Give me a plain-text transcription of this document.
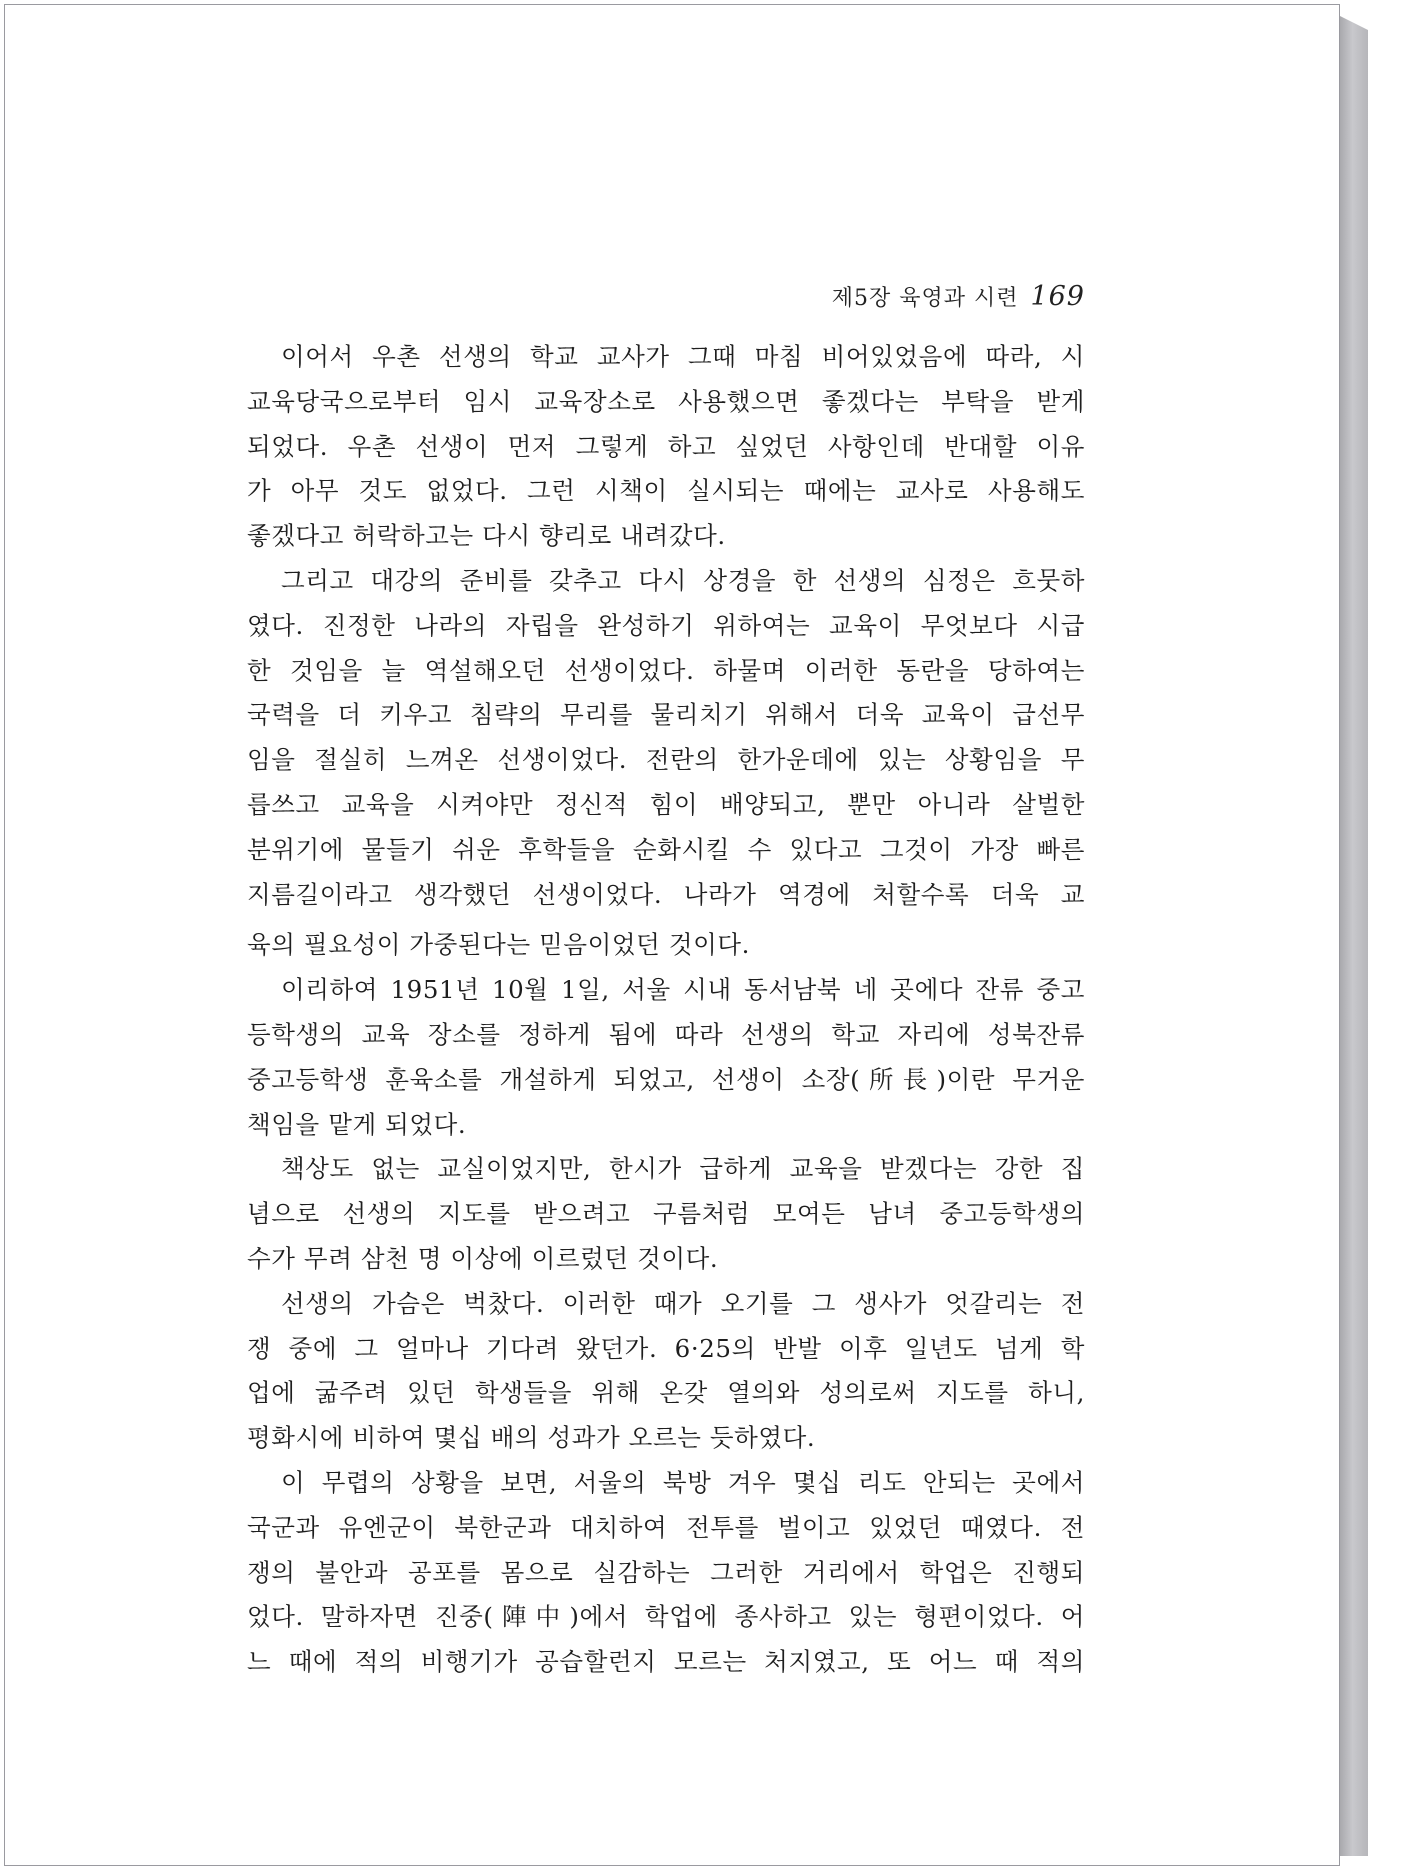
제5장 육영과 시련 169
이어서 우촌 선생의 학교 교사가 그때 마침 비어있었음에 따라, 시
교육당국으로부터 임시 교육장소로 사용했으면 좋겠다는 부탁을 받게
되었다. 우촌 선생이 먼저 그렇게 하고 싶었던 사항인데 반대할 이유
가 아무 것도 없었다. 그런 시책이 실시되는 때에는 교사로 사용해도
좋겠다고 허락하고는 다시 향리로 내려갔다.
그리고 대강의 준비를 갖추고 다시 상경을 한 선생의 심정은 흐뭇하
였다. 진정한 나라의 자립을 완성하기 위하여는 교육이 무엇보다 시급
한 것임을 늘 역설해오던 선생이었다. 하물며 이러한 동란을 당하여는
국력을 더 키우고 침략의 무리를 물리치기 위해서 더욱 교육이 급선무
임을 절실히 느껴온 선생이었다. 전란의 한가운데에 있는 상황임을 무
릅쓰고 교육을 시켜야만 정신적 힘이 배양되고, 뿐만 아니라 살벌한
분위기에 물들기 쉬운 후학들을 순화시킬 수 있다고 그것이 가장 빠른
지름길이라고 생각했던 선생이었다. 나라가 역경에 처할수록 더욱 교
육의 필요성이 가중된다는 믿음이었던 것이다.
이리하여 1951년 10월 1일, 서울 시내 동서남북 네 곳에다 잔류 중고
등학생의 교육 장소를 정하게 됨에 따라 선생의 학교 자리에 성북잔류
중고등학생 훈육소를 개설하게 되었고, 선생이 소장(所長)이란 무거운
책임을 맡게 되었다.
책상도 없는 교실이었지만, 한시가 급하게 교육을 받겠다는 강한 집
념으로 선생의 지도를 받으려고 구름처럼 모여든 남녀 중고등학생의
수가 무려 삼천 명 이상에 이르렀던 것이다.
선생의 가슴은 벅찼다. 이러한 때가 오기를 그 생사가 엇갈리는 전
쟁 중에 그 얼마나 기다려 왔던가. 6·25의 반발 이후 일년도 넘게 학
업에 굶주려 있던 학생들을 위해 온갖 열의와 성의로써 지도를 하니,
평화시에 비하여 몇십 배의 성과가 오르는 듯하였다.
이 무렵의 상황을 보면, 서울의 북방 겨우 몇십 리도 안되는 곳에서
국군과 유엔군이 북한군과 대치하여 전투를 벌이고 있었던 때였다. 전
쟁의 불안과 공포를 몸으로 실감하는 그러한 거리에서 학업은 진행되
었다. 말하자면 진중(陣中)에서 학업에 종사하고 있는 형편이었다. 어
느 때에 적의 비행기가 공습할런지 모르는 처지였고, 또 어느 때 적의
